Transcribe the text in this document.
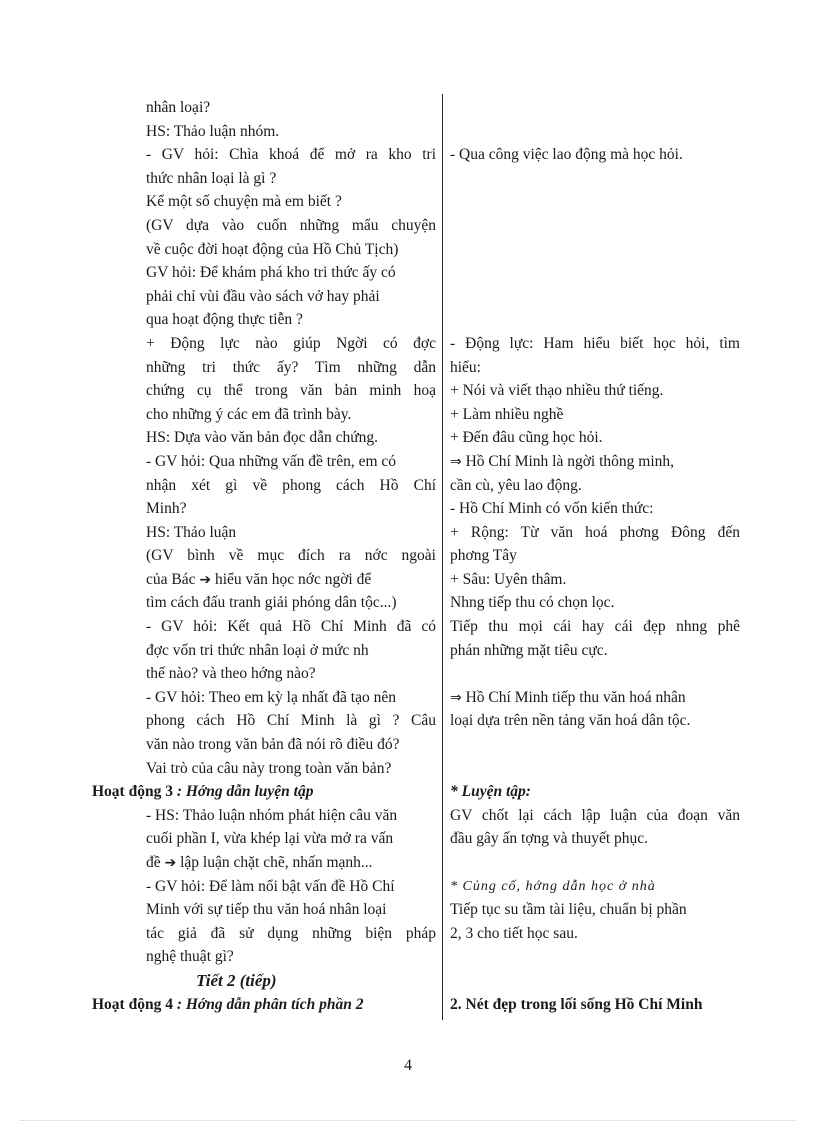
nhân loại?
HS: Thảo luận nhóm.
- GV hỏi: Chìa khoá để mở ra kho tri
thức nhân loại là gì ?
Kể một số chuyện mà em biết ?
(GV dựa vào cuốn những mẩu chuyện
về cuộc đời hoạt động của Hồ Chủ Tịch)
GV hỏi: Để khám phá kho tri thức ấy có
phải chỉ vùi đầu vào sách vở hay phải
qua hoạt động thực tiễn ?
+ Động lực nào giúp Ngời có đợc
những tri thức ấy? Tìm những dẫn
chứng cụ thể trong văn bản minh hoạ
cho những ý các em đã trình bày.
HS: Dựa vào văn bản đọc dẫn chứng.
- GV hỏi: Qua những vấn đề trên, em có
nhận xét gì về phong cách Hồ Chí
Minh?
HS: Thảo luận
(GV bình về mục đích ra nớc ngoài
của Bác ➔ hiểu văn học nớc ngời để
tìm cách đấu tranh giải phóng dân tộc...)
- GV hỏi: Kết quả Hồ Chí Minh đã có
đợc vốn tri thức nhân loại ở mức nh
thế nào? và theo hớng nào?
- GV hỏi: Theo em kỳ lạ nhất đã tạo nên
phong cách Hồ Chí Minh là gì ? Câu
văn nào trong văn bản đã nói rõ điều đó?
Vai trò của câu này trong toàn văn bản?
Hoạt động 3 : Hớng dẫn luyện tập
- HS: Thảo luận nhóm phát hiện câu văn
cuối phần I, vừa khép lại vừa mở ra vấn
đề ➔ lập luận chặt chẽ, nhấn mạnh...
- GV hỏi: Để làm nổi bật vấn đề Hồ Chí
Minh với sự tiếp thu văn hoá nhân loại
tác giả đã sử dụng những biện pháp
nghệ thuật gì?
Tiết 2 (tiếp)
Hoạt động 4 : Hớng dẫn phân tích phần 2
- Qua công việc lao động mà học hỏi.
- Động lực: Ham hiểu biết học hỏi, tìm
hiểu:
+ Nói và viết thạo nhiều thứ tiếng.
+ Làm nhiều nghề
+ Đến đâu cũng học hỏi.
⇒ Hồ Chí Minh là ngời thông minh,
cần cù, yêu lao động.
- Hồ Chí Minh có vốn kiến thức:
+ Rộng: Từ văn hoá phơng Đông đến
phơng Tây
+ Sâu: Uyên thâm.
Nhng tiếp thu có chọn lọc.
Tiếp thu mọi cái hay cái đẹp nhng phê
phán những mặt tiêu cực.
⇒ Hồ Chí Minh tiếp thu văn hoá nhân
loại dựa trên nền tảng văn hoá dân tộc.
* Luyện tập:
GV chốt lại cách lập luận của đoạn văn
đầu gây ấn tợng và thuyết phục.
* Củng cố, hớng dẫn học ở nhà
Tiếp tục su tầm tài liệu, chuẩn bị phần
2, 3 cho tiết học sau.
2. Nét đẹp trong lối sống Hồ Chí Minh
4
